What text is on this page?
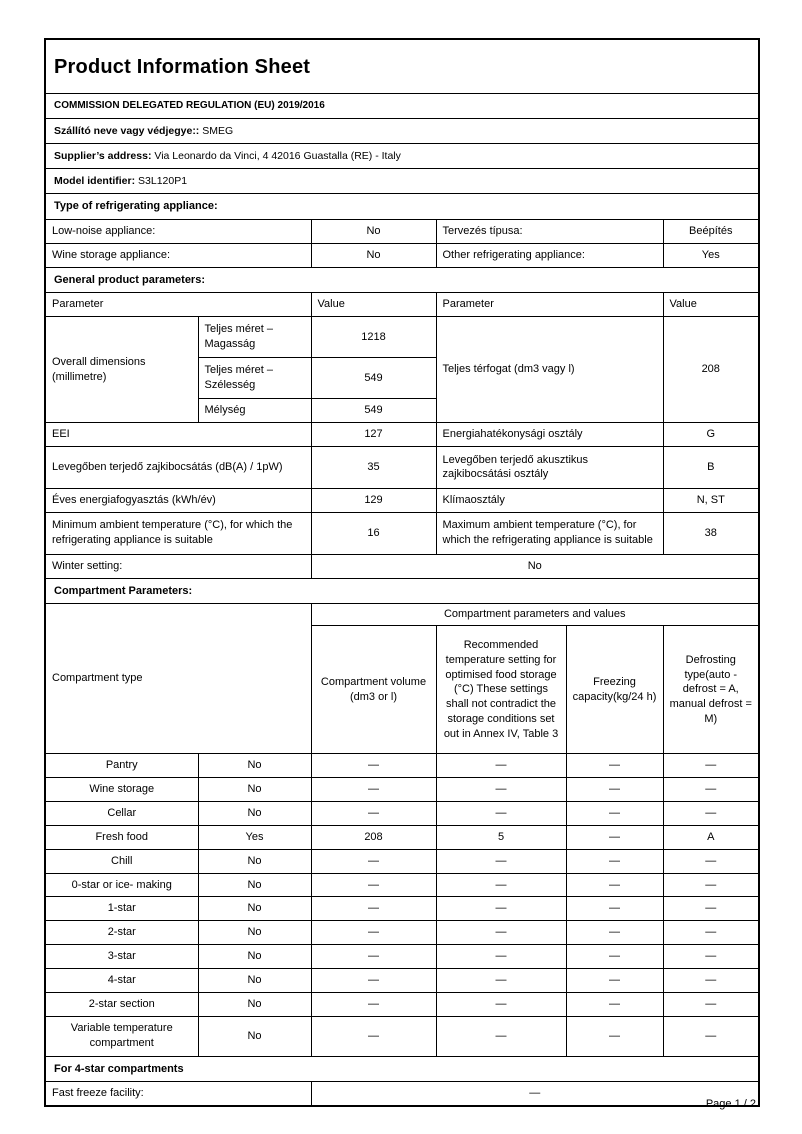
Product Information Sheet					
COMMISSION DELEGATED REGULATION (EU) 2019/2016					
Szállító neve vagy védjegye:: SMEG					
Supplier’s address: Via Leonardo da Vinci, 4 42016 Guastalla (RE) - Italy					
Model identifier: S3L120P1					
Type of refrigerating appliance:					
Low-noise appliance:		No	Tervezés típusa:		Beépítés
Wine storage appliance:		No	Other refrigerating appliance:		Yes
General product parameters:					
Parameter		Value	Parameter		Value
Overall dimensions (millimetre)	Teljes méret – Magasság	1218	Teljes térfogat (dm3 vagy l)		208
	Teljes méret – Szélesség	549			
	Mélység	549			
EEI		127	Energiahatékonysági osztály		G
Levegőben terjedő zajkibocsátás (dB(A) / 1pW)		35	Levegőben terjedő akusztikus zajkibocsátási osztály		B
Éves energiafogyasztás (kWh/év)		129	Klímaosztály		N, ST
Minimum ambient temperature (°C), for which the refrigerating appliance is suitable		16	Maximum ambient temperature (°C), for which the refrigerating appliance is suitable		38
Winter setting:		No			
Compartment Parameters:					
Compartment type		Compartment parameters and values			
		Compartment volume (dm3 or l)	Recommended temperature setting for optimised food storage (°C) These settings shall not contradict the storage conditions set out in Annex IV, Table 3	Freezing capacity(kg/24 h)	Defrosting type(auto - defrost = A, manual defrost = M)
Pantry	No	—	—	—	—
Wine storage	No	—	—	—	—
Cellar	No	—	—	—	—
Fresh food	Yes	208	5	—	A
Chill	No	—	—	—	—
0-star or ice- making	No	—	—	—	—
1-star	No	—	—	—	—
2-star	No	—	—	—	—
3-star	No	—	—	—	—
4-star	No	—	—	—	—
2-star section	No	—	—	—	—
Variable temperature compartment	No	—	—	—	—
For 4-star compartments					
Fast freeze facility:		—			
Page 1 / 2
